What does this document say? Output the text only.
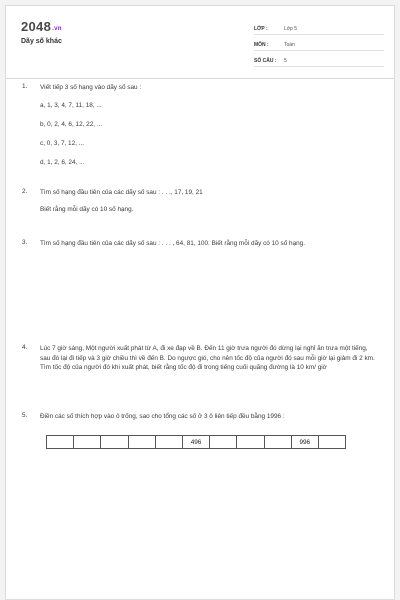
2048.vn
Dãy số khác
LỚP :	Lớp 5
MÔN :	Toán
SỐ CÂU :	5
1. Viết tiếp 3 số hạng vào dãy số sau :
a, 1, 3, 4, 7, 11, 18, ...
b, 0, 2, 4, 6, 12, 22, ...
c, 0, 3, 7, 12, ...
d, 1, 2, 6, 24, ...
2. Tìm số hạng đầu tiên của các dãy số sau : . . ., 17, 19, 21
Biết rằng mỗi dãy có 10 số hạng.
3. Tìm số hạng đầu tiên của các dãy số sau : . . . , 64, 81, 100. Biết rằng mỗi dãy có 10 số hạng.
4. Lúc 7 giờ sáng, Một người xuất phát từ A, đi xe đạp về B. Đến 11 giờ trưa người đó dừng lại nghỉ ăn trưa một tiếng, sau đó lại đi tiếp và 3 giờ chiều thì về đến B. Do ngược gió, cho nên tốc độ của người đó sau mỗi giờ lại giảm đi 2 km. Tìm tốc độ của người đó khi xuất phát, biết rằng tốc độ đi trong tiếng cuối quãng đường là 10 km/ giờ
5. Điền các số thích hợp vào ô trống, sao cho tổng các số ở 3 ô liên tiếp đều bằng 1996 :
496	996
